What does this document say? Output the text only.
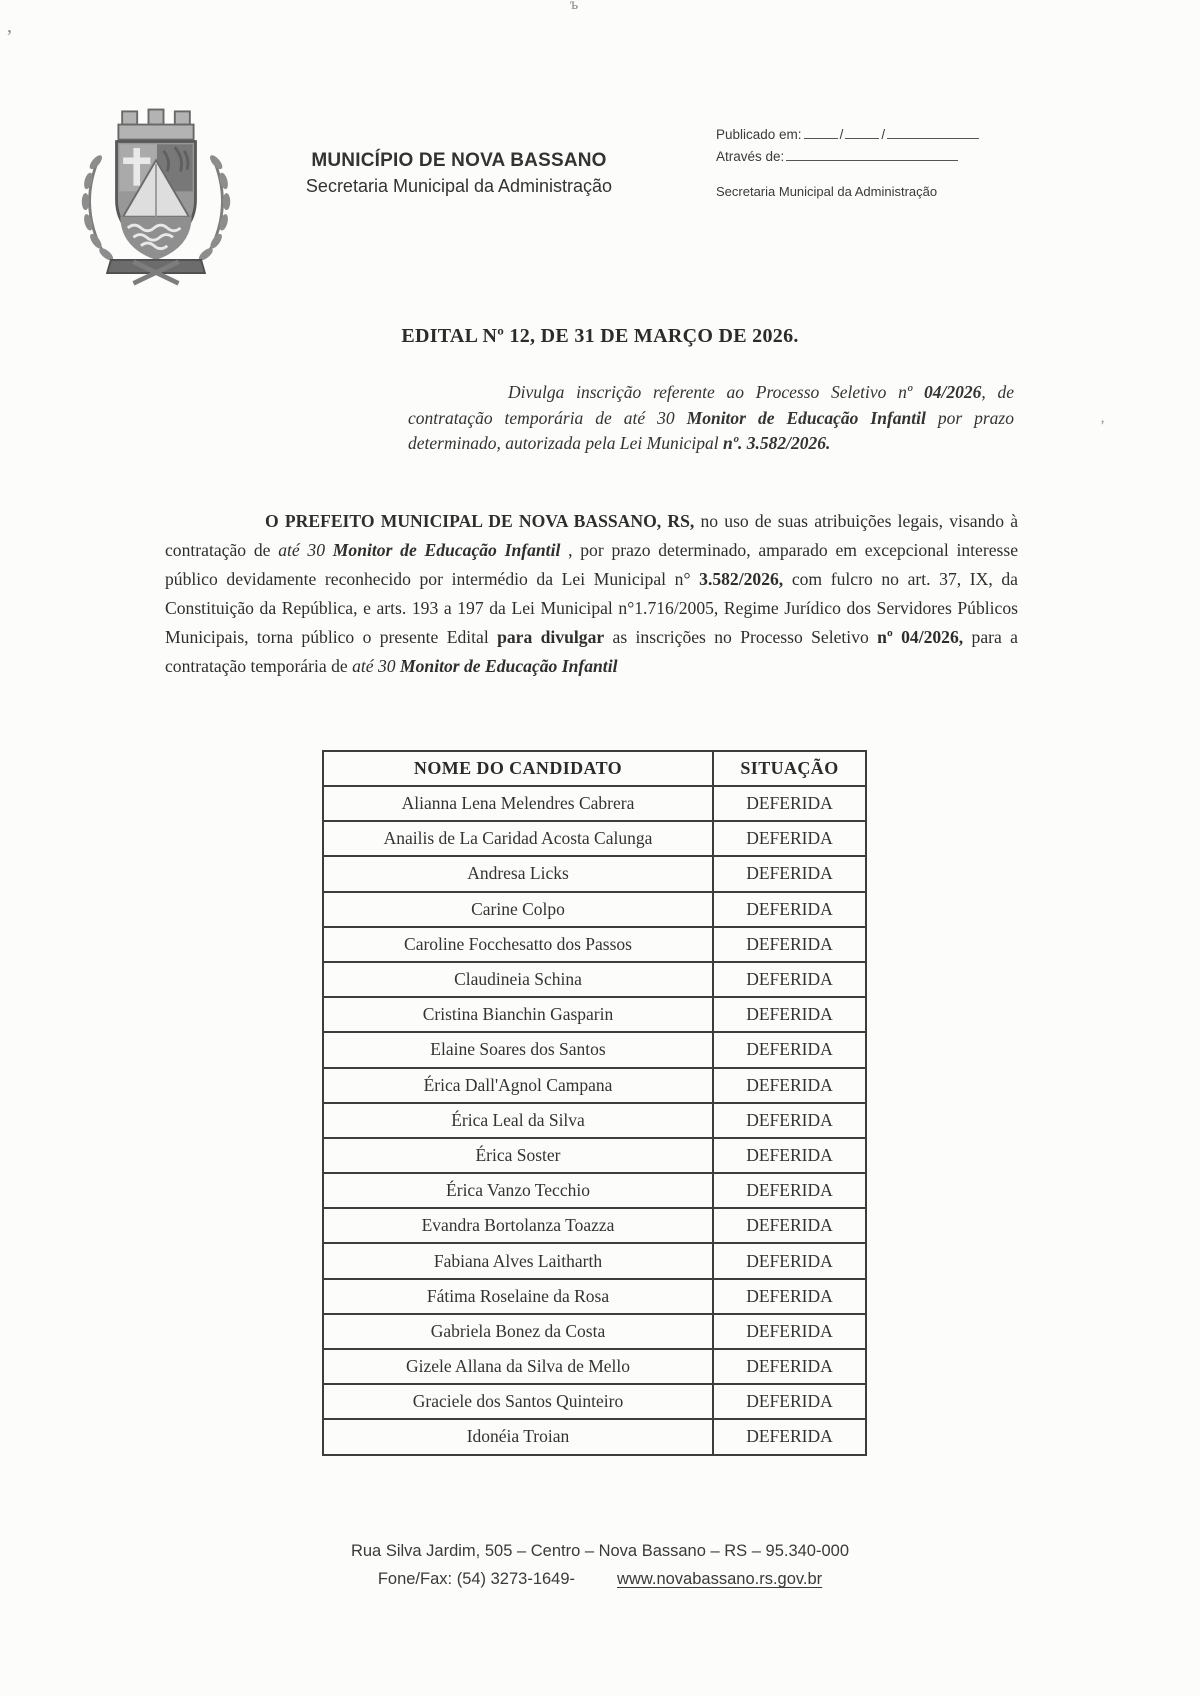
’
ъ
’
MUNICÍPIO DE NOVA BASSANO
Secretaria Municipal da Administração
Publicado em:	/	/
Através de:
Secretaria Municipal da Administração
EDITAL Nº 12, DE 31 DE MARÇO DE 2026.
Divulga inscrição referente ao Processo Seletivo nº 04/2026, de contratação temporária de até 30 Monitor de Educação Infantil por prazo determinado, autorizada pela Lei Municipal nº. 3.582/2026.
O PREFEITO MUNICIPAL DE NOVA BASSANO, RS, no uso de suas atribuições legais, visando à contratação de até 30 Monitor de Educação Infantil , por prazo determinado, amparado em excepcional interesse público devidamente reconhecido por intermédio da Lei Municipal n° 3.582/2026, com fulcro no art. 37, IX, da Constituição da República, e arts. 193 a 197 da Lei Municipal n°1.716/2005, Regime Jurídico dos Servidores Públicos Municipais, torna público o presente Edital para divulgar as inscrições no Processo Seletivo nº 04/2026, para a contratação temporária de até 30 Monitor de Educação Infantil
NOME DO CANDIDATO	SITUAÇÃO
Alianna Lena Melendres Cabrera	DEFERIDA
Anailis de La Caridad Acosta Calunga	DEFERIDA
Andresa Licks	DEFERIDA
Carine Colpo	DEFERIDA
Caroline Focchesatto dos Passos	DEFERIDA
Claudineia Schina	DEFERIDA
Cristina Bianchin Gasparin	DEFERIDA
Elaine Soares dos Santos	DEFERIDA
Érica Dall'Agnol Campana	DEFERIDA
Érica Leal da Silva	DEFERIDA
Érica Soster	DEFERIDA
Érica Vanzo Tecchio	DEFERIDA
Evandra Bortolanza Toazza	DEFERIDA
Fabiana Alves Laitharth	DEFERIDA
Fátima Roselaine da Rosa	DEFERIDA
Gabriela Bonez da Costa	DEFERIDA
Gizele Allana da Silva de Mello	DEFERIDA
Graciele dos Santos Quinteiro	DEFERIDA
Idonéia Troian	DEFERIDA
Rua Silva Jardim, 505 – Centro – Nova Bassano – RS – 95.340-000
Fone/Fax: (54) 3273-1649-	www.novabassano.rs.gov.br
